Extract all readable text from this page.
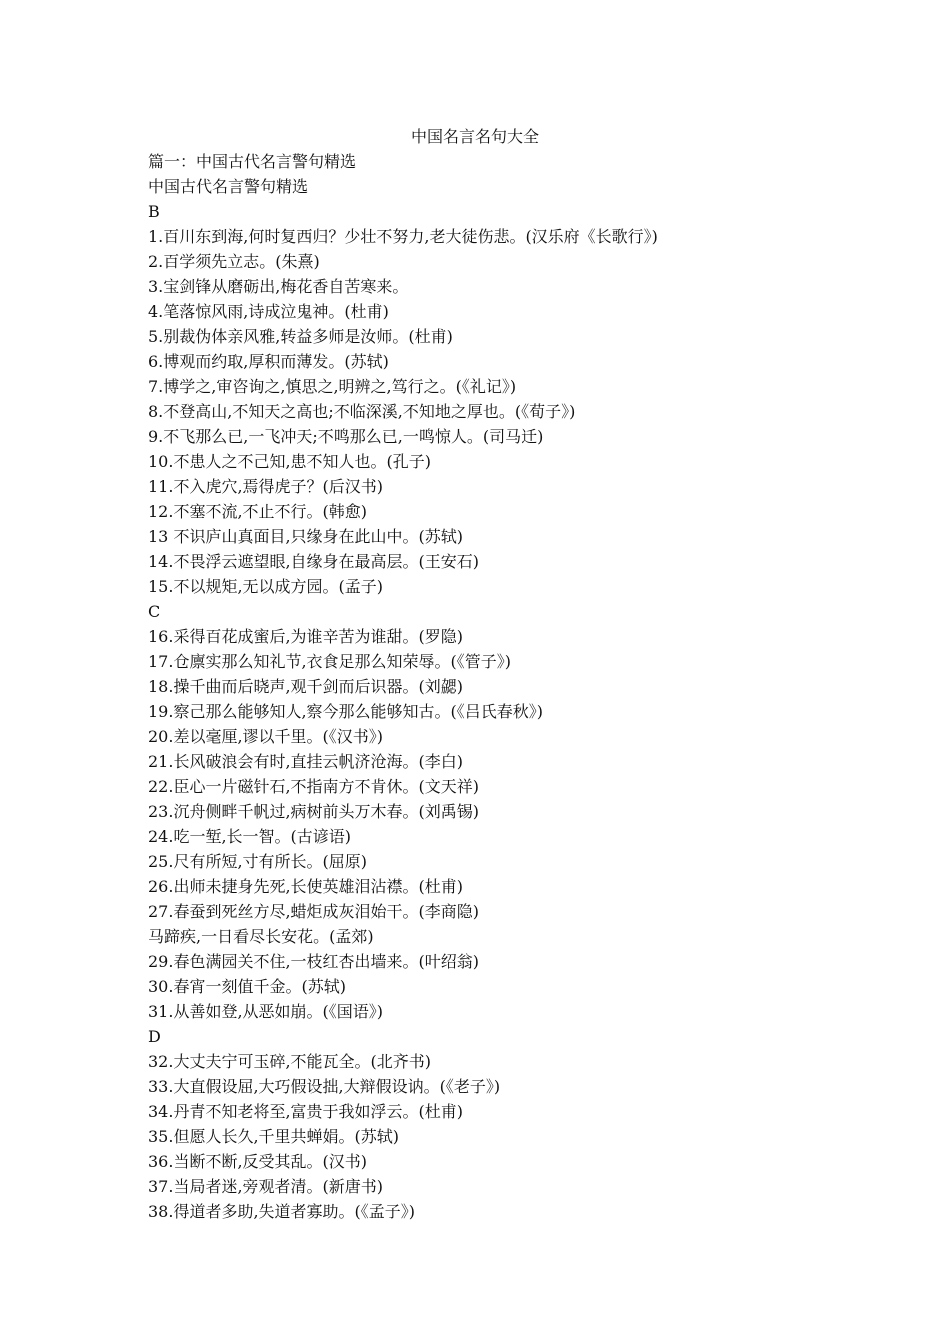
中国名言名句大全
篇一：中国古代名言警句精选
中国古代名言警句精选
B
1.百川东到海,何时复西归？少壮不努力,老大徒伤悲。(汉乐府《长歌行》)
2.百学须先立志。(朱熹)
3.宝剑锋从磨砺出,梅花香自苦寒来。
4.笔落惊风雨,诗成泣鬼神。(杜甫)
5.别裁伪体亲风雅,转益多师是汝师。(杜甫)
6.博观而约取,厚积而薄发。(苏轼)
7.博学之,审咨询之,慎思之,明辨之,笃行之。(《礼记》)
8.不登高山,不知天之高也;不临深溪,不知地之厚也。(《荀子》)
9.不飞那么已,一飞冲天;不鸣那么已,一鸣惊人。(司马迁)
10.不患人之不己知,患不知人也。(孔子)
11.不入虎穴,焉得虎子？(后汉书)
12.不塞不流,不止不行。(韩愈)
13 不识庐山真面目,只缘身在此山中。(苏轼)
14.不畏浮云遮望眼,自缘身在最高层。(王安石)
15.不以规矩,无以成方园。(孟子)
C
16.采得百花成蜜后,为谁辛苦为谁甜。(罗隐)
17.仓廪实那么知礼节,衣食足那么知荣辱。(《管子》)
18.操千曲而后晓声,观千剑而后识器。(刘勰)
19.察己那么能够知人,察今那么能够知古。(《吕氏春秋》)
20.差以毫厘,谬以千里。(《汉书》)
21.长风破浪会有时,直挂云帆济沧海。(李白)
22.臣心一片磁针石,不指南方不肯休。(文天祥)
23.沉舟侧畔千帆过,病树前头万木春。(刘禹锡)
24.吃一堑,长一智。(古谚语)
25.尺有所短,寸有所长。(屈原)
26.出师未捷身先死,长使英雄泪沾襟。(杜甫)
27.春蚕到死丝方尽,蜡炬成灰泪始干。(李商隐)
马蹄疾,一日看尽长安花。(孟郊)
29.春色满园关不住,一枝红杏出墙来。(叶绍翁)
30.春宵一刻值千金。(苏轼)
31.从善如登,从恶如崩。(《国语》)
D
32.大丈夫宁可玉碎,不能瓦全。(北齐书)
33.大直假设屈,大巧假设拙,大辩假设讷。(《老子》)
34.丹青不知老将至,富贵于我如浮云。(杜甫)
35.但愿人长久,千里共蝉娟。(苏轼)
36.当断不断,反受其乱。(汉书)
37.当局者迷,旁观者清。(新唐书)
38.得道者多助,失道者寡助。(《孟子》)
